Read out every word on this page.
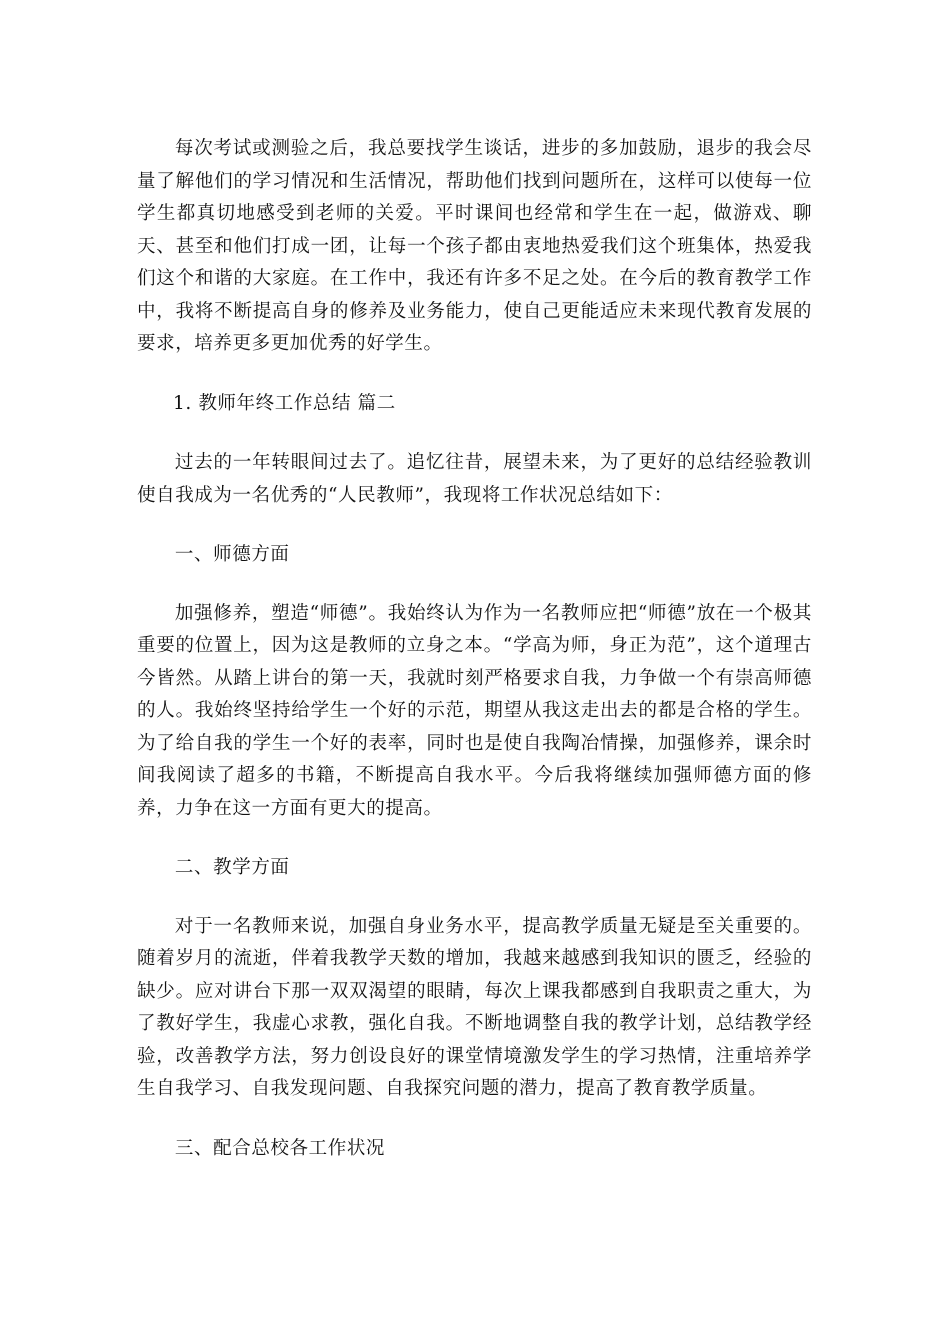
每次考试或测验之后，我总要找学生谈话，进步的多加鼓励，退步的我会尽量了解他们的学习情况和生活情况，帮助他们找到问题所在，这样可以使每一位学生都真切地感受到老师的关爱。平时课间也经常和学生在一起，做游戏、聊天、甚至和他们打成一团，让每一个孩子都由衷地热爱我们这个班集体，热爱我们这个和谐的大家庭。在工作中，我还有许多不足之处。在今后的教育教学工作中，我将不断提高自身的修养及业务能力，使自己更能适应未来现代教育发展的要求，培养更多更加优秀的好学生。

1. 教师年终工作总结 篇二

过去的一年转眼间过去了。追忆往昔，展望未来，为了更好的总结经验教训使自我成为一名优秀的“人民教师”，我现将工作状况总结如下：

一、师德方面

加强修养，塑造“师德”。我始终认为作为一名教师应把“师德”放在一个极其重要的位置上，因为这是教师的立身之本。“学高为师，身正为范”，这个道理古今皆然。从踏上讲台的第一天，我就时刻严格要求自我，力争做一个有崇高师德的人。我始终坚持给学生一个好的示范，期望从我这走出去的都是合格的学生。为了给自我的学生一个好的表率，同时也是使自我陶冶情操，加强修养，课余时间我阅读了超多的书籍，不断提高自我水平。今后我将继续加强师德方面的修养，力争在这一方面有更大的提高。

二、教学方面

对于一名教师来说，加强自身业务水平，提高教学质量无疑是至关重要的。随着岁月的流逝，伴着我教学天数的增加，我越来越感到我知识的匮乏，经验的缺少。应对讲台下那一双双渴望的眼睛，每次上课我都感到自我职责之重大，为了教好学生，我虚心求教，强化自我。不断地调整自我的教学计划，总结教学经验，改善教学方法，努力创设良好的课堂情境激发学生的学习热情，注重培养学生自我学习、自我发现问题、自我探究问题的潜力，提高了教育教学质量。

三、配合总校各工作状况
